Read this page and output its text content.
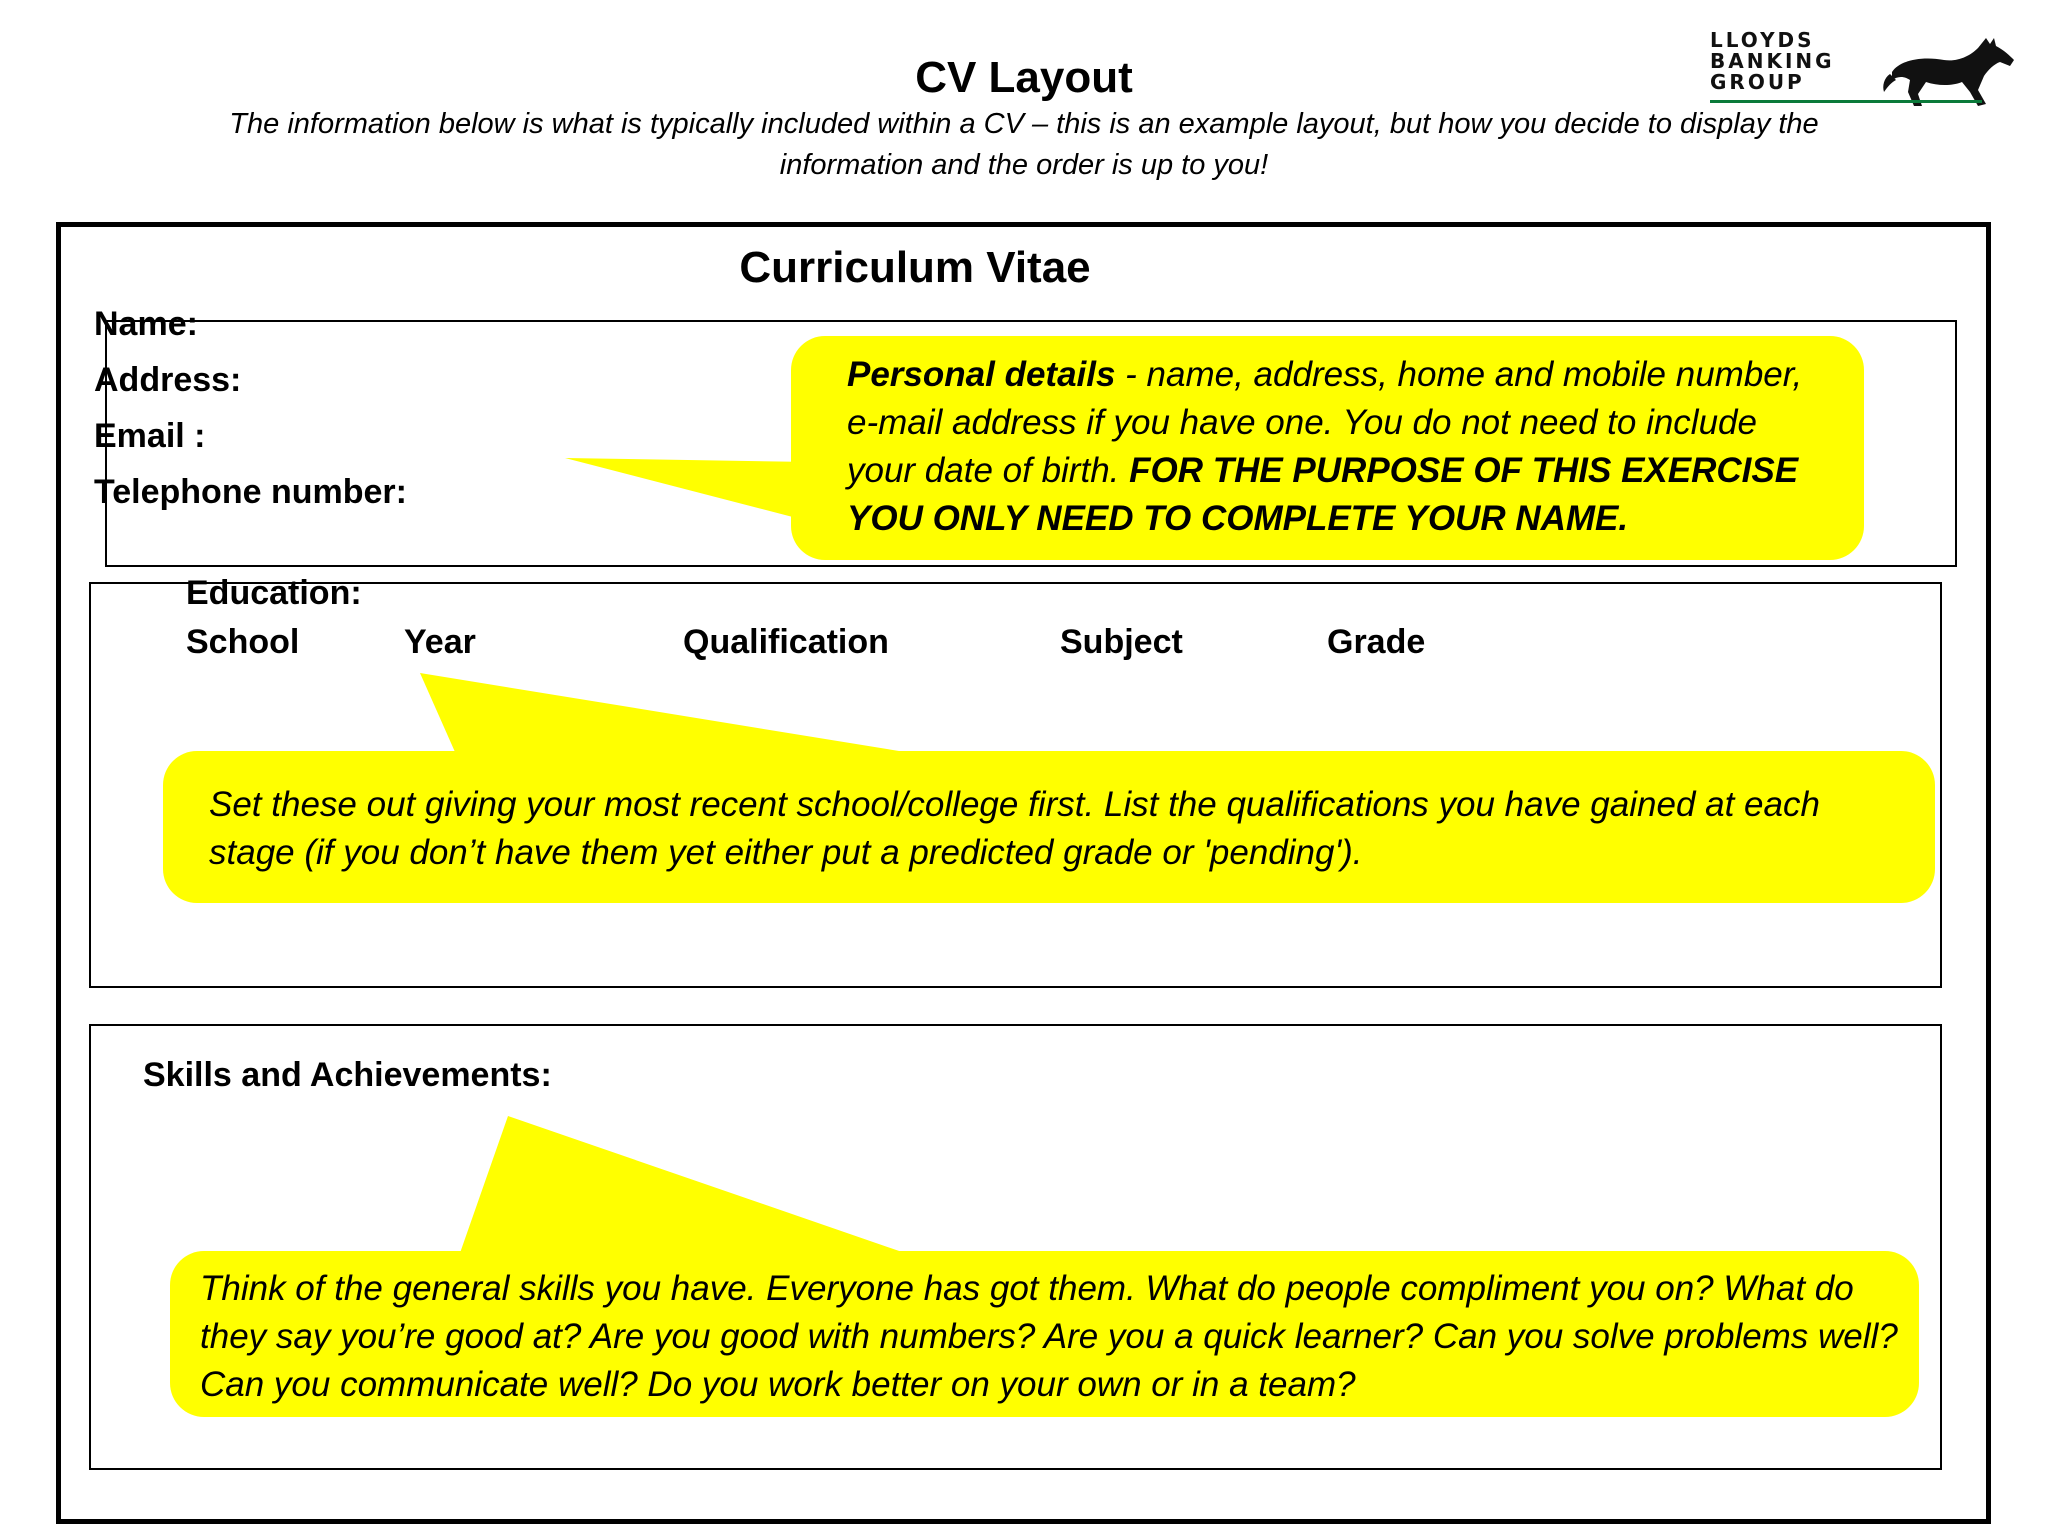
CV Layout
The information below is what is typically included within a CV – this is an example layout, but how you decide to display the information and the order is up to you!
LLOYDS
BANKING
GROUP
Curriculum Vitae
Name:
Address:
Email :
Telephone number:
Education:
School	Year	Qualification	Subject	Grade
Skills and Achievements:
Personal details - name, address, home and mobile number, e-mail address if you have one. You do not need to include your date of birth. FOR THE PURPOSE OF THIS EXERCISE YOU ONLY NEED TO COMPLETE YOUR NAME.
Set these out giving your most recent school/college first. List the qualifications you have gained at each stage (if you don’t have them yet either put a predicted grade or 'pending').
Think of the general skills you have. Everyone has got them. What do people compliment you on? What do they say you’re good at? Are you good with numbers? Are you a quick learner? Can you solve problems well? Can you communicate well? Do you work better on your own or in a team?
